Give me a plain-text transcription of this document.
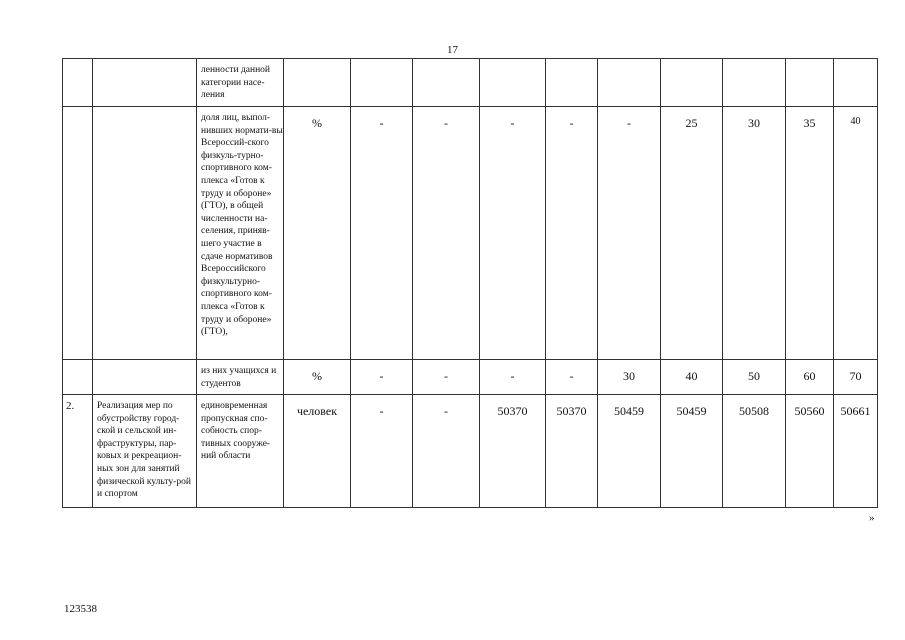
17
		ленности данной категории насе-ления										
		доля лиц, выпол-нивших нормати-вы Всероссий-ского физкуль-турно-спортивного ком-плекса «Готов к труду и обороне» (ГТО), в общей численности на-селения, приняв-шего участие в сдаче нормативов Всероссийского физкультурно-спортивного ком-плекса «Готов к труду и обороне» (ГТО),	%	-	-	-	-	-	25	30	35	40
		из них учащихся и студентов	%	-	-	-	-	30	40	50	60	70
2.	Реализация мер по обустройству город-ской и сельской ин-фраструктуры, пар-ковых и рекреацион-ных зон для занятий физической культу-рой и спортом	единовременная пропускная спо-собность спор-тивных сооруже-ний области	человек	-	-	50370	50370	50459	50459	50508	50560	50661
»
123538
